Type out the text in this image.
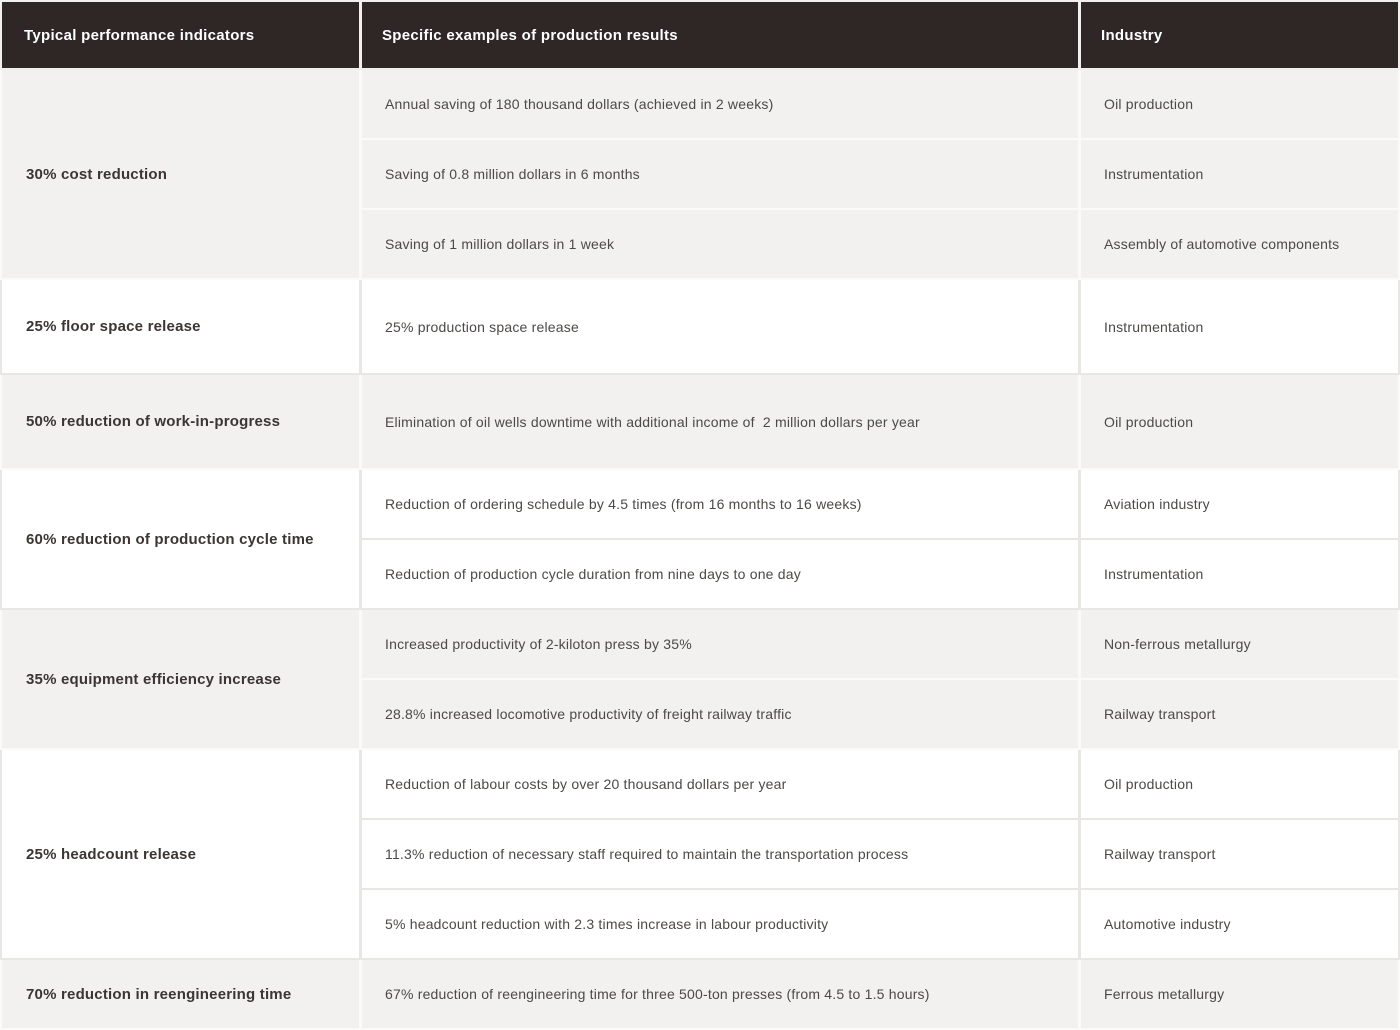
Typical performance indicators	Specific examples of production results	Industry
30% cost reduction
Annual saving of 180 thousand dollars (achieved in 2 weeks)	Oil production
Saving of 0.8 million dollars in 6 months	Instrumentation
Saving of 1 million dollars in 1 week	Assembly of automotive components
25% floor space release	25% production space release	Instrumentation
50% reduction of work-in-progress	Elimination of oil wells downtime with additional income of  2 million dollars per year	Oil production
60% reduction of production cycle time
Reduction of ordering schedule by 4.5 times (from 16 months to 16 weeks)	Aviation industry
Reduction of production cycle duration from nine days to one day	Instrumentation
35% equipment efficiency increase
Increased productivity of 2-kiloton press by 35%	Non-ferrous metallurgy
28.8% increased locomotive productivity of freight railway traffic	Railway transport
25% headcount release
Reduction of labour costs by over 20 thousand dollars per year	Oil production
11.3% reduction of necessary staff required to maintain the transportation process	Railway transport
5% headcount reduction with 2.3 times increase in labour productivity	Automotive industry
70% reduction in reengineering time	67% reduction of reengineering time for three 500-ton presses (from 4.5 to 1.5 hours)	Ferrous metallurgy
